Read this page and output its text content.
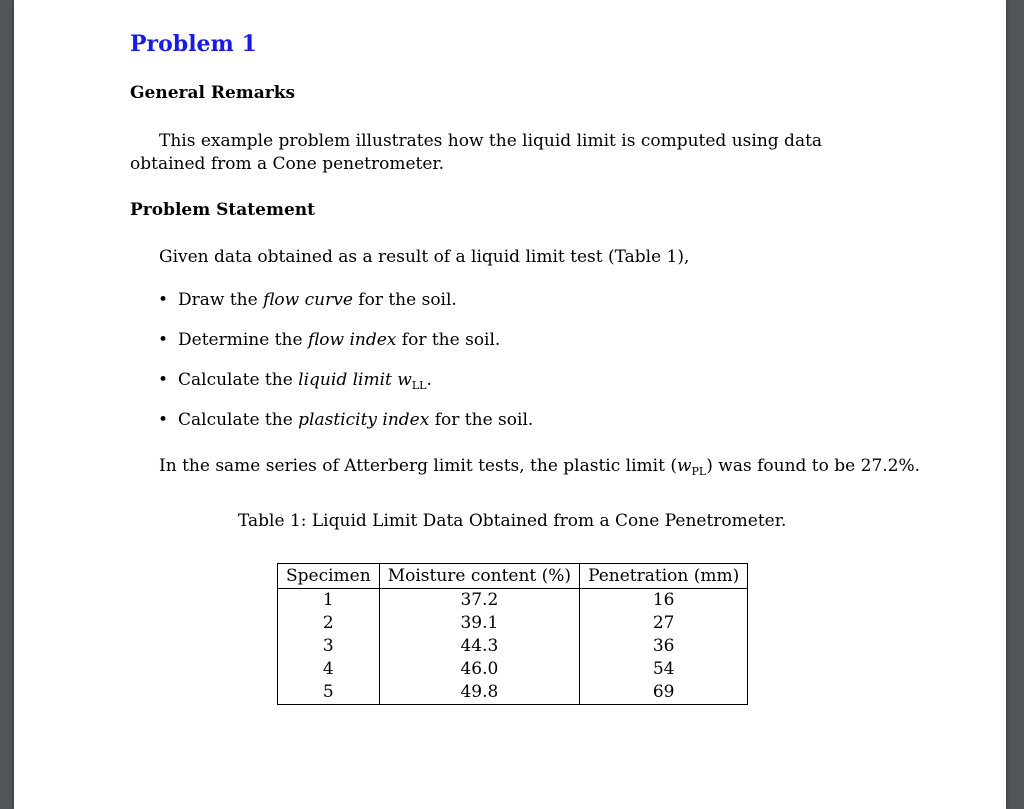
Problem 1
General Remarks
This example problem illustrates how the liquid limit is computed using data obtained from a Cone penetrometer.
Problem Statement
Given data obtained as a result of a liquid limit test (Table 1),
• Draw the flow curve for the soil.
• Determine the flow index for the soil.
• Calculate the liquid limit $w_{LL}$.
• Calculate the plasticity index for the soil.
In the same series of Atterberg limit tests, the plastic limit $(w_{PL})$ was found to be 27.2%.
Table 1: Liquid Limit Data Obtained from a Cone Penetrometer.
Specimen	Moisture content (%)	Penetration (mm)
1	37.2	16
2	39.1	27
3	44.3	36
4	46.0	54
5	49.8	69
